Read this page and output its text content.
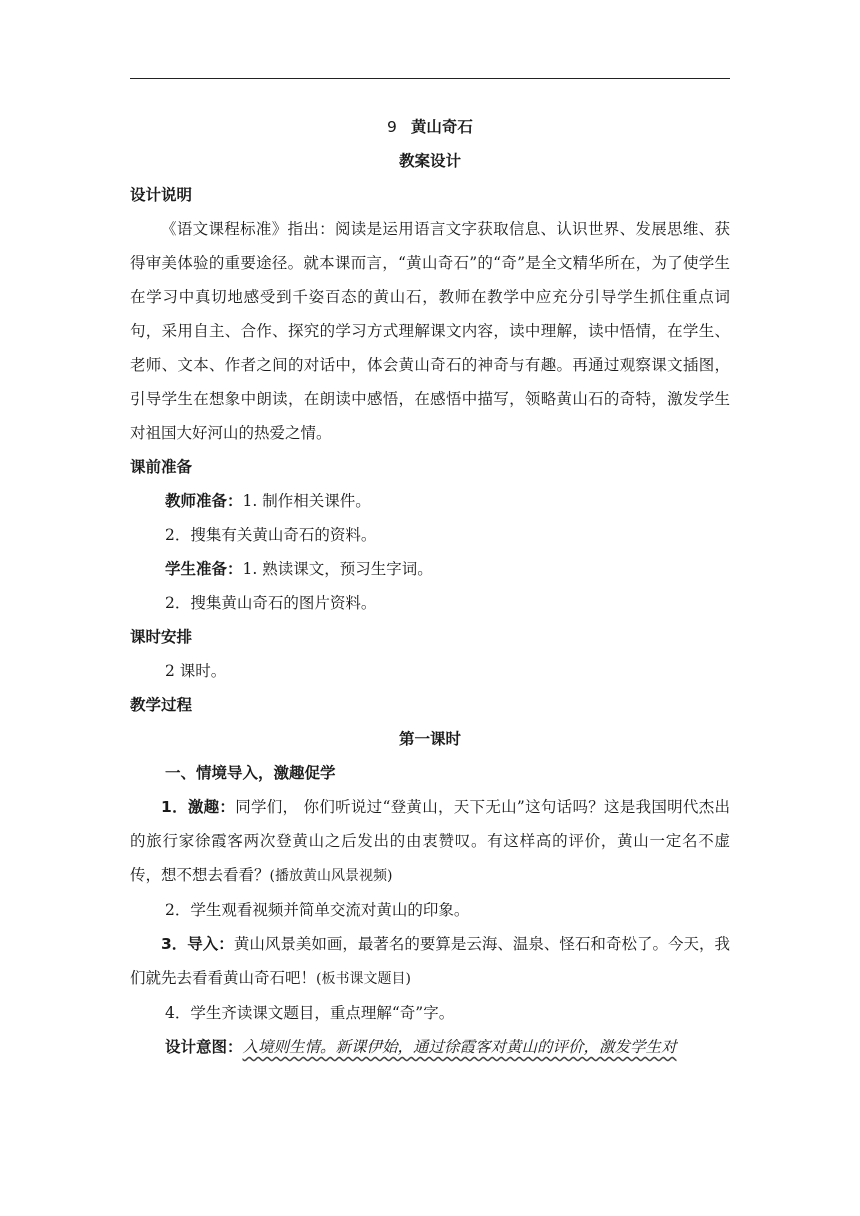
9 黄山奇石
教案设计
设计说明
《语文课程标准》指出：阅读是运用语言文字获取信息、认识世界、发展思维、获得审美体验的重要途径。就本课而言，“黄山奇石”的“奇”是全文精华所在，为了使学生在学习中真切地感受到千姿百态的黄山石，教师在教学中应充分引导学生抓住重点词句，采用自主、合作、探究的学习方式理解课文内容，读中理解，读中悟情，在学生、老师、文本、作者之间的对话中，体会黄山奇石的神奇与有趣。再通过观察课文插图，引导学生在想象中朗读，在朗读中感悟，在感悟中描写，领略黄山石的奇特，激发学生对祖国大好河山的热爱之情。
课前准备
教师准备：1. 制作相关课件。
2．搜集有关黄山奇石的资料。
学生准备：1. 熟读课文，预习生字词。
2．搜集黄山奇石的图片资料。
课时安排
2 课时。
教学过程
第一课时
一、情境导入，激趣促学
1．激趣：同学们， 你们听说过“登黄山，天下无山”这句话吗？这是我国明代杰出的旅行家徐霞客两次登黄山之后发出的由衷赞叹。有这样高的评价，黄山一定名不虚传，想不想去看看？(播放黄山风景视频)
2．学生观看视频并简单交流对黄山的印象。
3．导入：黄山风景美如画，最著名的要算是云海、温泉、怪石和奇松了。今天，我们就先去看看黄山奇石吧！(板书课文题目)
4．学生齐读课文题目，重点理解“奇”字。
设计意图：入境则生情。新课伊始，通过徐霞客对黄山的评价，激发学生对
